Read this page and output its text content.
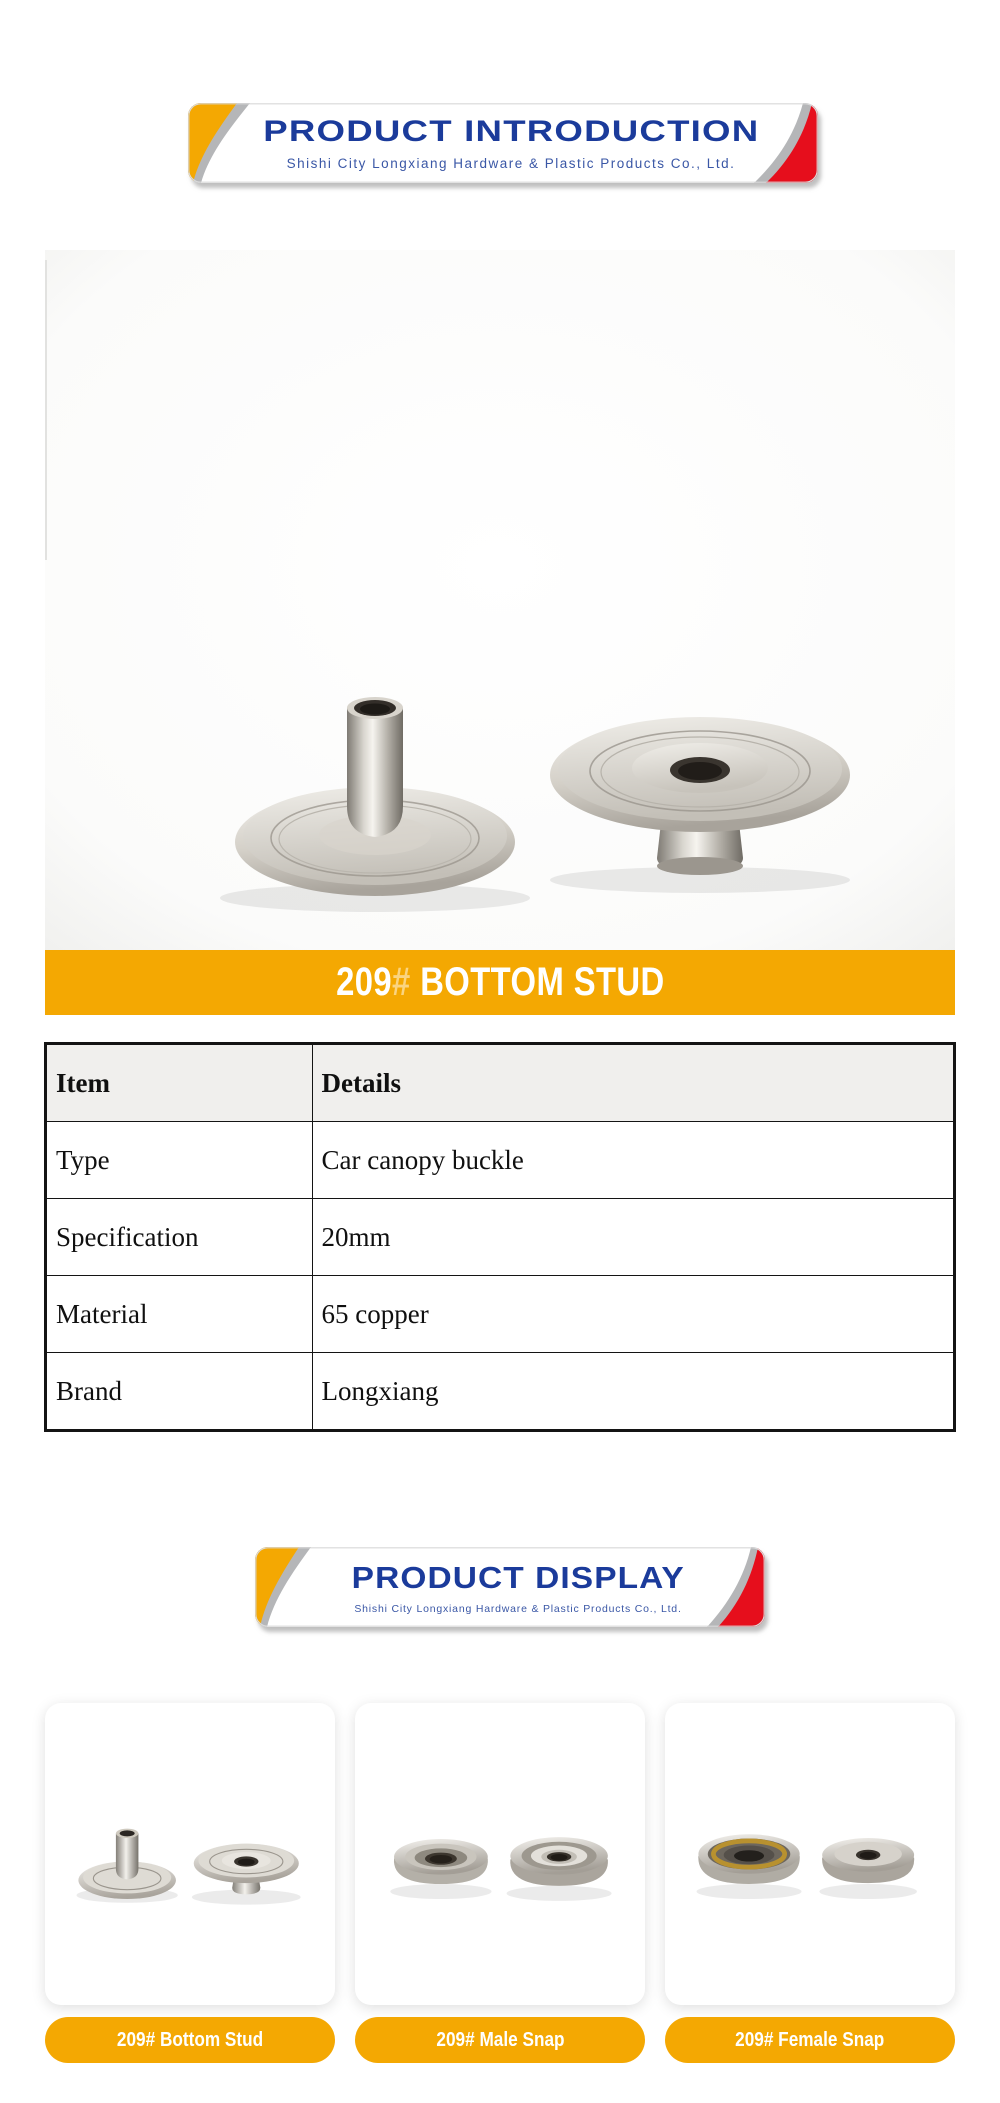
PRODUCT INTRODUCTION
Shishi City Longxiang Hardware & Plastic Products Co., Ltd.
209# BOTTOM STUD
Item	Details
Type	Car canopy buckle
Specification	20mm
Material	65 copper
Brand	Longxiang
PRODUCT DISPLAY
Shishi City Longxiang Hardware & Plastic Products Co., Ltd.
209# Bottom Stud	209# Male Snap	209# Female Snap
